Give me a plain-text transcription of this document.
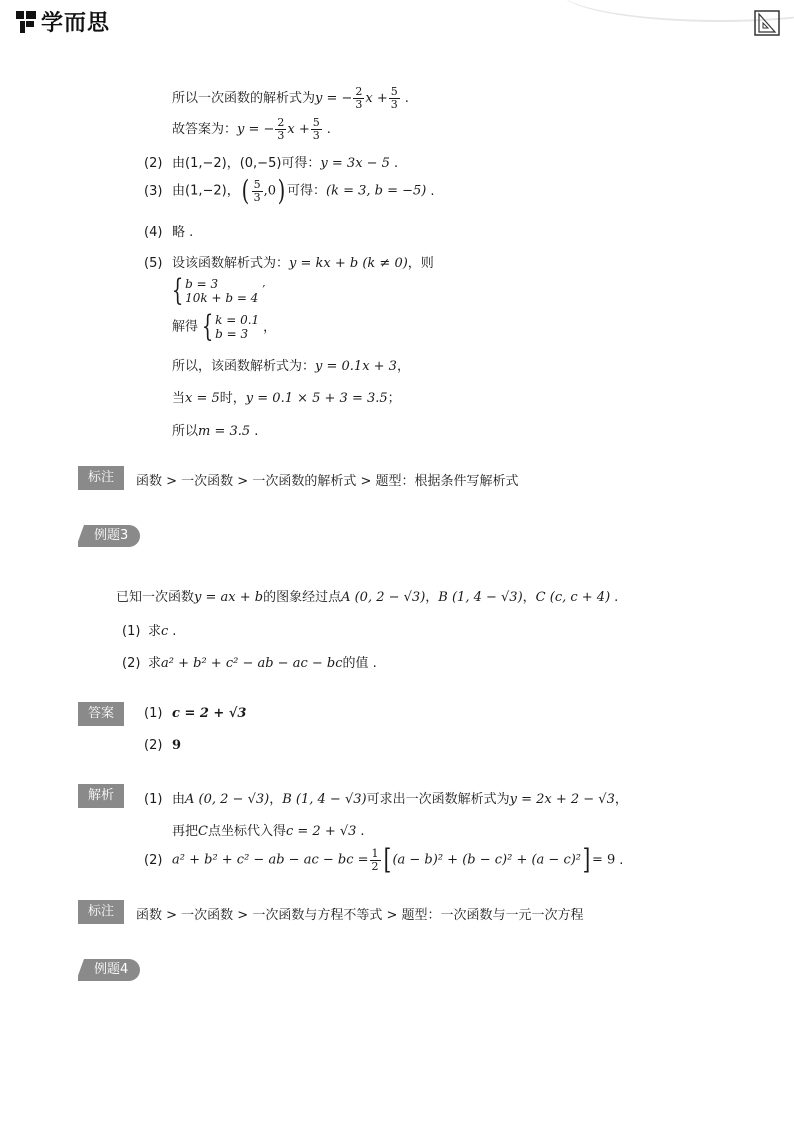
学而思
所以一次函数的解析式为y = − $\frac{2}{3}$ $x + \frac{5}{3}$ .
故答案为：y = − $\frac{2}{3}$ $x + \frac{5}{3}$ .
(2) 由(1,−2)，(0,−5)可得：y = 3x − 5 .
(3) 由(1,−2)，( $\frac{5}{3} ,0$) 可得：(k = 3, b = −5) .
(4) 略 .
(5) 设该函数解析式为：y = kx + b (k ≠ 0)，则
{ b = 3
10k + b = 4 ′
解得 { k = 0.1
b = 3	，
所以，该函数解析式为：y = 0.1x + 3，
当x = 5时，y = 0.1 × 5 + 3 = 3.5；
所以m = 3.5 .
标注	函数 > 一次函数 > 一次函数的解析式 > 题型：根据条件写解析式
例题3
已知一次函数y = ax + b的图象经过点A (0, 2 − √3)，B (1, 4 − √3)，C (c, c + 4) .
(1) 求c .
(2) 求a² + b² + c² − ab − ac − bc的值 .
答案	(1) c = 2 + √3
(2) 9
解析	(1) 由A (0, 2 − √3)，B (1, 4 − √3)可求出一次函数解析式为y = 2x + 2 − √3，
再把C点坐标代入得c = 2 + √3 .
(2) a² + b² + c² − ab − ac − bc = $\frac{1}{2}$ [ (a − b)² + (b − c)² + (a − c)²] = 9 .
标注	函数 > 一次函数 > 一次函数与方程不等式 > 题型：一次函数与一元一次方程
例题4
